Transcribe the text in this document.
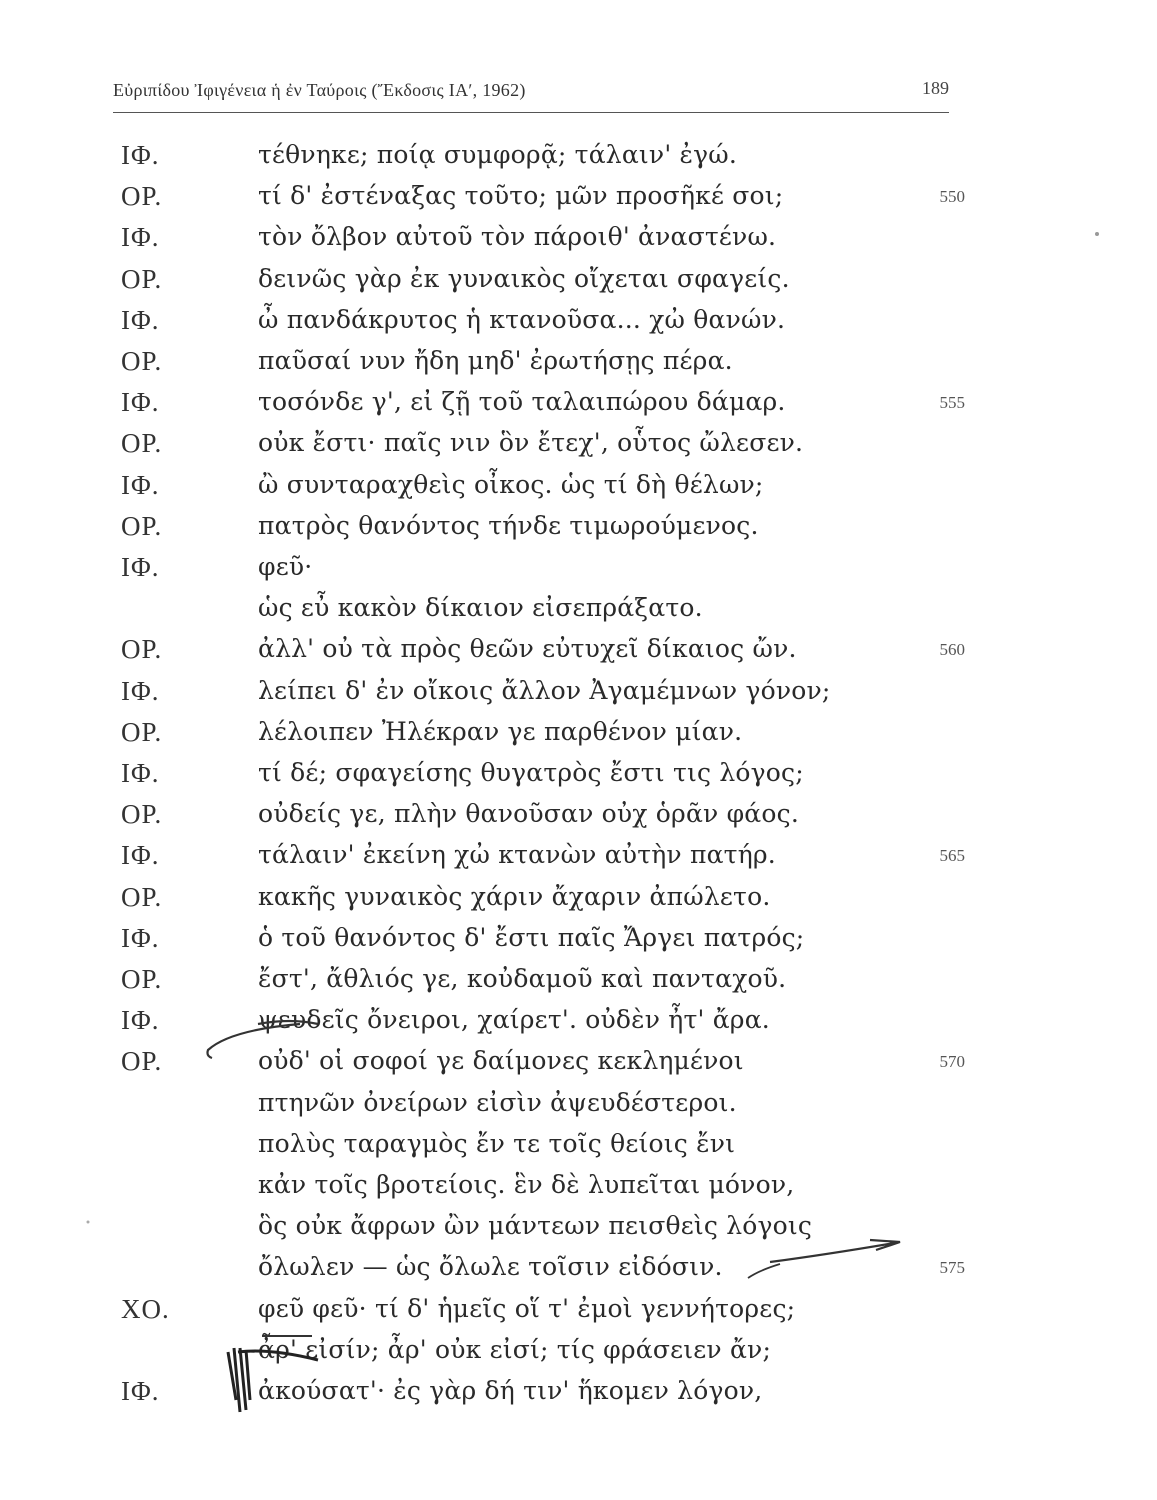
Εὐριπίδου Ἰφιγένεια ἡ ἐν Ταύροις (Ἔκδοσις ΙΑʹ, 1962)	189
ΙΦ.	τέθνηκε; ποίᾳ συμφορᾷ; τάλαιν' ἐγώ.
ΟΡ.	τί δ' ἐστέναξας τοῦτο; μῶν προσῆκέ σοι;	550
ΙΦ.	τὸν ὄλβον αὐτοῦ τὸν πάροιθ' ἀναστένω.
ΟΡ.	δεινῶς γὰρ ἐκ γυναικὸς οἴχεται σφαγείς.
ΙΦ.	ὦ πανδάκρυτος ἡ κτανοῦσα... χὠ θανών.
ΟΡ.	παῦσαί νυν ἤδη μηδ' ἐρωτήσῃς πέρα.
ΙΦ.	τοσόνδε γ', εἰ ζῇ τοῦ ταλαιπώρου δάμαρ.	555
ΟΡ.	οὐκ ἔστι· παῖς νιν ὃν ἔτεχ', οὗτος ὤλεσεν.
ΙΦ.	ὢ συνταραχθεὶς οἶκος. ὡς τί δὴ θέλων;
ΟΡ.	πατρὸς θανόντος τήνδε τιμωρούμενος.
ΙΦ.	φεῦ·
ὡς εὖ κακὸν δίκαιον εἰσεπράξατο.
ΟΡ.	ἀλλ' οὐ τὰ πρὸς θεῶν εὐτυχεῖ δίκαιος ὤν.	560
ΙΦ.	λείπει δ' ἐν οἴκοις ἄλλον Ἀγαμέμνων γόνον;
ΟΡ.	λέλοιπεν Ἠλέκραν γε παρθένον μίαν.
ΙΦ.	τί δέ; σφαγείσης θυγατρὸς ἔστι τις λόγος;
ΟΡ.	οὐδείς γε, πλὴν θανοῦσαν οὐχ ὁρᾶν φάος.
ΙΦ.	τάλαιν' ἐκείνη χὠ κτανὼν αὐτὴν πατήρ.	565
ΟΡ.	κακῆς γυναικὸς χάριν ἄχαριν ἀπώλετο.
ΙΦ.	ὁ τοῦ θανόντος δ' ἔστι παῖς Ἄργει πατρός;
ΟΡ.	ἔστ', ἄθλιός γε, κοὐδαμοῦ καὶ πανταχοῦ.
ΙΦ.	ψευδεῖς ὄνειροι, χαίρετ'. οὐδὲν ἦτ' ἄρα.
ΟΡ.	οὐδ' οἱ σοφοί γε δαίμονες κεκλημένοι	570
πτηνῶν ὀνείρων εἰσὶν ἀψευδέστεροι.
πολὺς ταραγμὸς ἔν τε τοῖς θείοις ἔνι
κἀν τοῖς βροτείοις. ἓν δὲ λυπεῖται μόνον,
ὃς οὐκ ἄφρων ὢν μάντεων πεισθεὶς λόγοις
ὄλωλεν — ὡς ὄλωλε τοῖσιν εἰδόσιν.	575
ΧΟ.	φεῦ φεῦ· τί δ' ἡμεῖς οἵ τ' ἐμοὶ γεννήτορες;
ἆρ' εἰσίν; ἆρ' οὐκ εἰσί; τίς φράσειεν ἄν;
ΙΦ.	ἀκούσατ'· ἐς γὰρ δή τιν' ἥκομεν λόγον,
